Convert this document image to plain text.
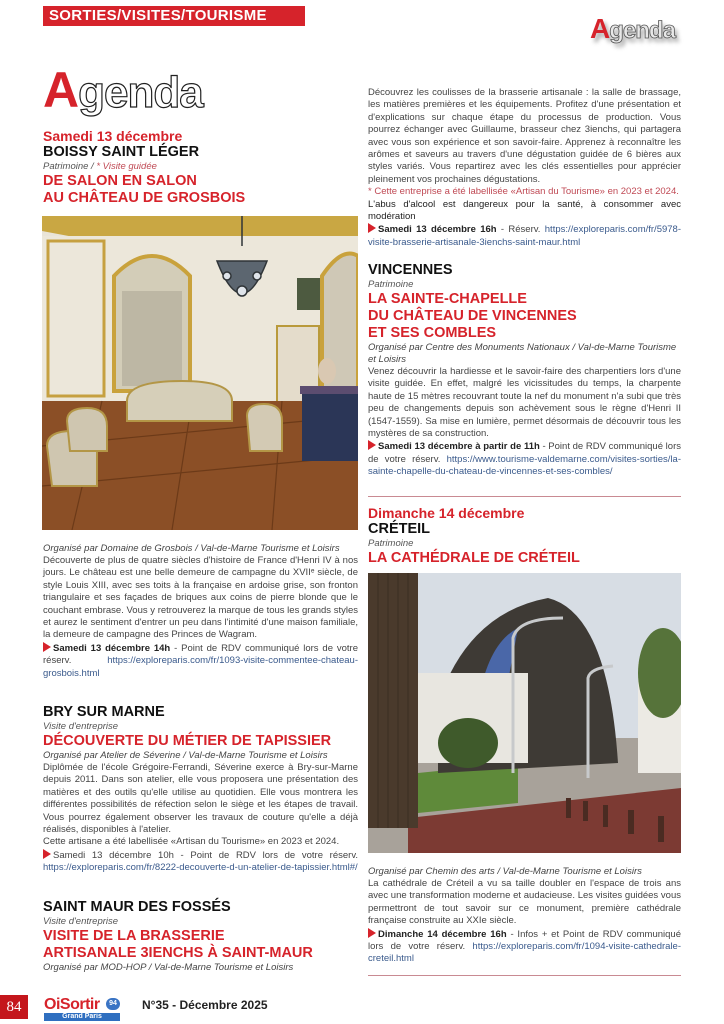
SORTIES/VISITES/TOURISME
Agenda
Agenda
Samedi 13 décembre
BOISSY SAINT LÉGER
Patrimoine / * Visite guidée
DE SALON EN SALON
AU CHÂTEAU DE GROSBOIS
Organisé par Domaine de Grosbois / Val-de-Marne Tourisme et Loisirs
Découverte de plus de quatre siècles d'histoire de France d'Henri IV à nos jours. Le château est une belle demeure de campagne du XVIIᵉ siècle, de style Louis XIII, avec ses toits à la française en ardoise grise, son fronton triangulaire et ses façades de briques aux coins de pierre blonde que le couchant embrase. Vous y retrouverez la marque de tous les grands styles et aurez le sentiment d'entrer un peu dans l'intimité d'une maison familiale, la demeure de campagne des Princes de Wagram.
Samedi 13 décembre 14h - Point de RDV communiqué lors de votre réserv. https://exploreparis.com/fr/1093-visite-commentee-chateau-grosbois.html
BRY SUR MARNE
Visite d'entreprise
DÉCOUVERTE DU MÉTIER DE TAPISSIER
Organisé par Atelier de Séverine / Val-de-Marne Tourisme et Loisirs
Diplômée de l'école Grégoire-Ferrandi, Séverine exerce à Bry-sur-Marne depuis 2011. Dans son atelier, elle vous proposera une présentation des matières et des outils qu'elle utilise au quotidien. Elle vous montrera les différentes possibilités de réfection selon le siège et les étapes de travail. Vous pourrez également observer les travaux de couture qu'elle a déjà réalisés, disponibles à l'atelier.
Cette artisane a été labellisée «Artisan du Tourisme» en 2023 et 2024.
Samedi 13 décembre 10h - Point de RDV lors de votre réserv. https://exploreparis.com/fr/8222-decouverte-d-un-atelier-de-tapissier.html#/
SAINT MAUR DES FOSSÉS
Visite d'entreprise
VISITE DE LA BRASSERIE
ARTISANALE 3IENCHS À SAINT-MAUR
Organisé par MOD-HOP / Val-de-Marne Tourisme et Loisirs
Découvrez les coulisses de la brasserie artisanale : la salle de brassage, les matières premières et les équipements. Profitez d'une présentation et d'explications sur chaque étape du processus de production. Vous pourrez échanger avec Guillaume, brasseur chez 3ienchs, qui partagera avec vous son expérience et son savoir-faire. Apprenez à reconnaître les arômes et saveurs au travers d'une dégustation guidée de 6 bières aux styles variés. Vous repartirez avec les clés essentielles pour apprécier pleinement vos prochaines dégustations.
* Cette entreprise a été labellisée «Artisan du Tourisme» en 2023 et 2024.
L'abus d'alcool est dangereux pour la santé, à consommer avec modération
Samedi 13 décembre 16h - Réserv. https://exploreparis.com/fr/5978-visite-brasserie-artisanale-3ienchs-saint-maur.html
VINCENNES
Patrimoine
LA SAINTE-CHAPELLE
DU CHÂTEAU DE VINCENNES
ET SES COMBLES
Organisé par Centre des Monuments Nationaux / Val-de-Marne Tourisme et Loisirs
Venez découvrir la hardiesse et le savoir-faire des charpentiers lors d'une visite guidée. En effet, malgré les vicissitudes du temps, la charpente haute de 15 mètres recouvrant toute la nef du monument n'a subi que très peu de changements depuis son achèvement sous le règne d'Henri II (1547-1559). Sa mise en lumière, permet désormais de découvrir tous les mystères de sa construction.
Samedi 13 décembre à partir de 11h - Point de RDV communiqué lors de votre réserv. https://www.tourisme-valdemarne.com/visites-sorties/la-sainte-chapelle-du-chateau-de-vincennes-et-ses-combles/
Dimanche 14 décembre
CRÉTEIL
Patrimoine
LA CATHÉDRALE DE CRÉTEIL
Organisé par Chemin des arts / Val-de-Marne Tourisme et Loisirs
La cathédrale de Créteil a vu sa taille doubler en l'espace de trois ans avec une transformation moderne et audacieuse. Les visites guidées vous permettront de tout savoir sur ce monument, première cathédrale française construite au XXIe siècle.
Dimanche 14 décembre 16h - Infos + et Point de RDV communiqué lors de votre réserv. https://exploreparis.com/fr/1094-visite-cathedrale-creteil.html
84	OiSortir	94
Grand Paris
N°35 - Décembre 2025
